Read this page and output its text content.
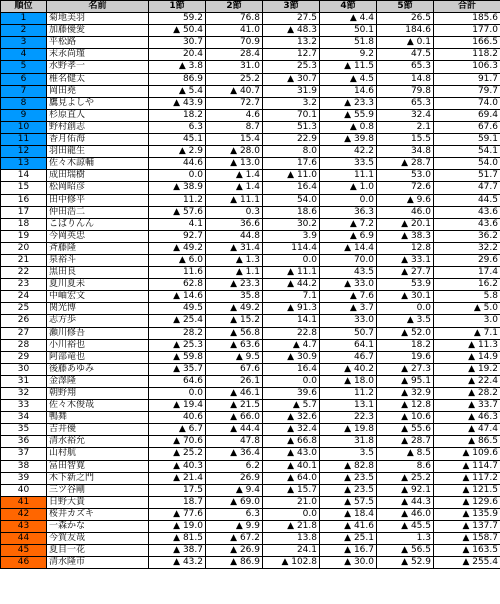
順位	名前	1節	2節	3節	4節	5節	合計
1	菊地美羽	59.2	76.8	27.5	▲ 4.4	26.5	185.6
2	加藤優愛	▲ 50.4	41.0	▲ 48.3	50.1	184.6	177.0
3	平松路	30.7	70.9	13.2	51.8	▲ 0.1	166.5
4	末永尚瑾	20.4	28.4	12.7	9.2	47.5	118.2
5	水野孝一	▲ 3.8	31.0	25.3	▲ 11.5	65.3	106.3
6	椎名健太	86.9	25.2	▲ 30.7	▲ 4.5	14.8	91.7
7	岡田堯	▲ 5.4	▲ 40.7	31.9	14.6	79.8	79.7
8	鷹見よしや	▲ 43.9	72.7	3.2	▲ 23.3	65.3	74.0
9	杉原直人	18.2	4.6	70.1	▲ 55.9	32.4	69.4
10	野村創志	6.3	8.7	51.3	▲ 0.8	2.1	67.6
11	香月佑海	45.1	15.4	22.9	▲ 39.8	15.5	59.1
12	羽田龍生	▲ 2.9	▲ 28.0	8.0	42.2	34.8	54.1
13	佐々木諒輔	44.6	▲ 13.0	17.6	33.5	▲ 28.7	54.0
14	成田瑞樹	0.0	▲ 1.4	▲ 11.0	11.1	53.0	51.7
15	松岡昭彦	▲ 38.9	▲ 1.4	16.4	▲ 1.0	72.6	47.7
16	田中修平	11.2	▲ 11.1	54.0	0.0	▲ 9.6	44.5
17	仲田浩二	▲ 57.6	0.3	18.6	36.3	46.0	43.6
18	こばりんん	4.1	36.6	30.2	▲ 7.2	▲ 20.1	43.6
19	今岡英忠	92.7	44.8	3.9	▲ 6.9	▲ 38.3	36.2
20	斉藤隆	▲ 49.2	▲ 31.4	114.4	▲ 14.4	12.8	32.2
21	泉裕斗	▲ 6.0	▲ 1.3	0.0	70.0	▲ 33.1	29.6
22	黒田良	11.6	▲ 1.1	▲ 11.1	43.5	▲ 27.7	17.4
23	夏川夏未	62.8	▲ 23.3	▲ 44.2	▲ 33.0	53.9	16.2
24	中岫宏文	▲ 14.6	35.8	7.1	▲ 7.6	▲ 30.1	5.8
25	関光博	49.5	▲ 49.2	▲ 91.3	▲ 3.7	0.0	▲ 5.0
26	志方歩	▲ 25.4	▲ 15.2	14.1	33.0	▲ 3.5	3.0
27	瀬川修吾	28.2	▲ 56.8	22.8	50.7	▲ 52.0	▲ 7.1
28	小川裕也	▲ 25.3	▲ 63.6	▲ 4.7	64.1	18.2	▲ 11.3
29	阿部竜也	▲ 59.8	▲ 9.5	▲ 30.9	46.7	19.6	▲ 14.9
30	後藤あゆみ	▲ 35.7	67.6	16.4	▲ 40.2	▲ 27.3	▲ 19.2
31	金澤隆	64.6	26.1	0.0	▲ 18.0	▲ 95.1	▲ 22.4
32	朝野翔	0.0	▲ 46.1	39.6	11.2	▲ 32.9	▲ 28.2
33	佐々木俊哉	▲ 19.4	▲ 21.5	▲ 5.7	13.1	▲ 12.8	▲ 33.7
34	鴨舞	40.6	▲ 66.0	▲ 32.6	22.3	▲ 10.6	▲ 46.3
35	吉井優	▲ 6.7	▲ 44.4	▲ 32.4	▲ 19.8	▲ 55.6	▲ 47.4
36	清水裕允	▲ 70.6	47.8	▲ 66.8	31.8	▲ 28.7	▲ 86.5
37	山村航	▲ 25.2	▲ 36.4	▲ 43.0	3.5	▲ 8.5	▲ 109.6
38	冨田智寛	▲ 40.3	6.2	▲ 40.1	▲ 82.8	8.6	▲ 114.7
39	木下新之門	▲ 21.4	26.9	▲ 64.0	▲ 23.5	▲ 25.2	▲ 117.2
40	三ツ谷剛	17.5	▲ 9.4	▲ 15.7	▲ 23.5	▲ 92.1	▲ 121.5
41	日野大貴	18.7	▲ 69.0	21.0	▲ 57.5	▲ 44.3	▲ 129.6
42	桜井カズキ	▲ 77.6	6.3	0.0	▲ 18.4	▲ 46.0	▲ 135.9
43	一森かな	▲ 19.0	▲ 9.9	▲ 21.8	▲ 41.6	▲ 45.5	▲ 137.7
44	今賀友哉	▲ 81.5	▲ 67.2	13.8	▲ 25.1	1.3	▲ 158.7
45	夏目一花	▲ 38.7	▲ 26.9	24.1	▲ 16.7	▲ 56.5	▲ 163.5
46	清水隆市	▲ 43.2	▲ 86.9	▲ 102.8	▲ 30.0	▲ 52.9	▲ 255.4
